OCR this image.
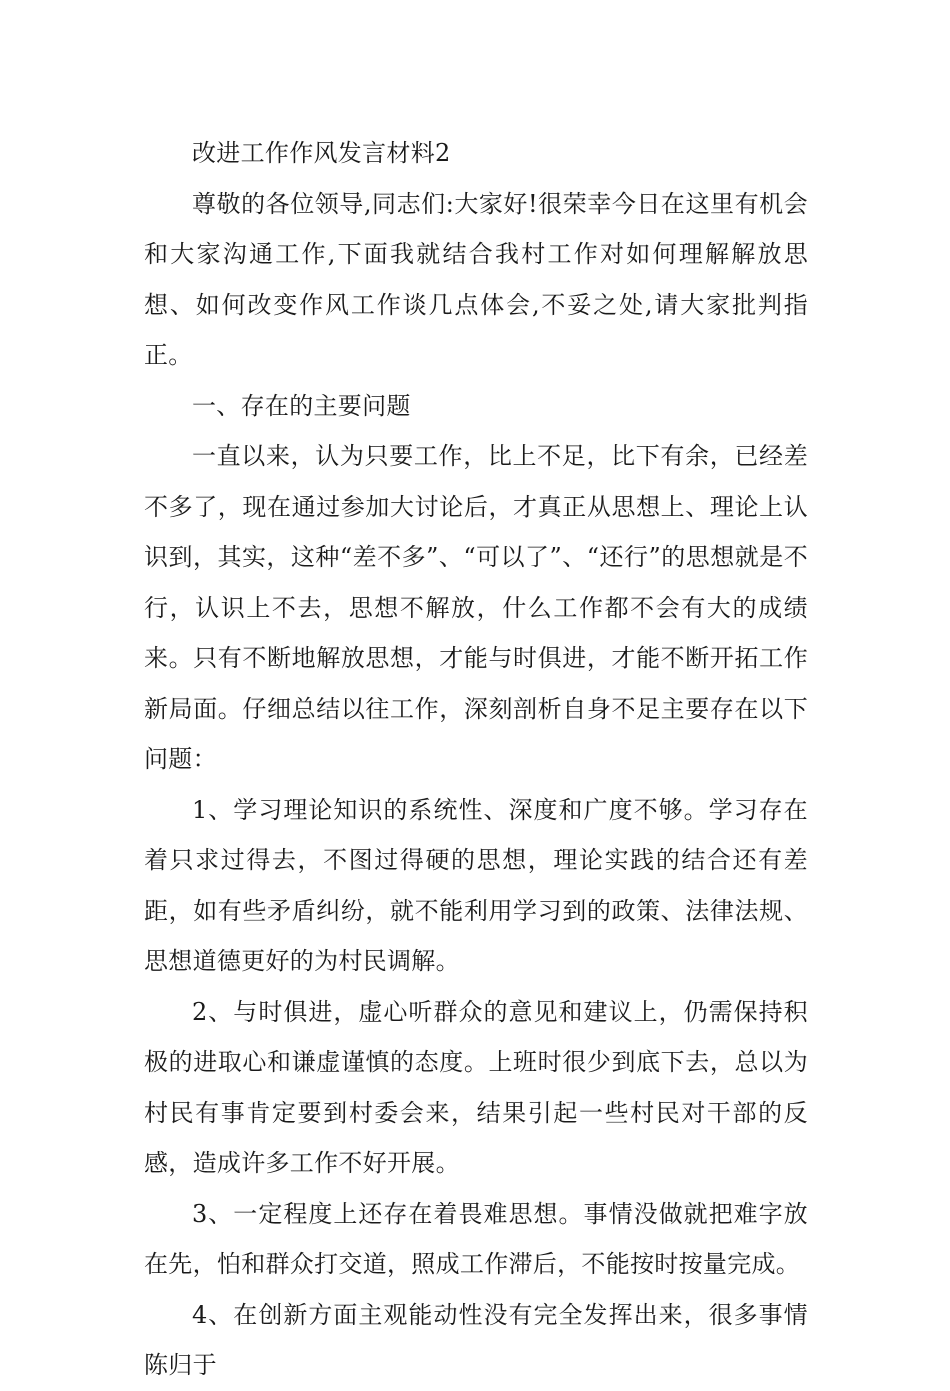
改进工作作风发言材料2

尊敬的各位领导,同志们:大家好!很荣幸今日在这里有机会和大家沟通工作,下面我就结合我村工作对如何理解解放思想、如何改变作风工作谈几点体会,不妥之处,请大家批判指正。

一、存在的主要问题

一直以来，认为只要工作，比上不足，比下有余，已经差不多了，现在通过参加大讨论后，才真正从思想上、理论上认识到，其实，这种“差不多”、“可以了”、“还行”的思想就是不行，认识上不去，思想不解放，什么工作都不会有大的成绩来。只有不断地解放思想，才能与时俱进，才能不断开拓工作新局面。仔细总结以往工作，深刻剖析自身不足主要存在以下问题：

1、学习理论知识的系统性、深度和广度不够。学习存在着只求过得去，不图过得硬的思想，理论实践的结合还有差距，如有些矛盾纠纷，就不能利用学习到的政策、法律法规、思想道德更好的为村民调解。

2、与时俱进，虚心听群众的意见和建议上，仍需保持积极的进取心和谦虚谨慎的态度。上班时很少到底下去，总以为村民有事肯定要到村委会来，结果引起一些村民对干部的反感，造成许多工作不好开展。

3、一定程度上还存在着畏难思想。事情没做就把难字放在先，怕和群众打交道，照成工作滞后，不能按时按量完成。

4、在创新方面主观能动性没有完全发挥出来，很多事情陈归于
